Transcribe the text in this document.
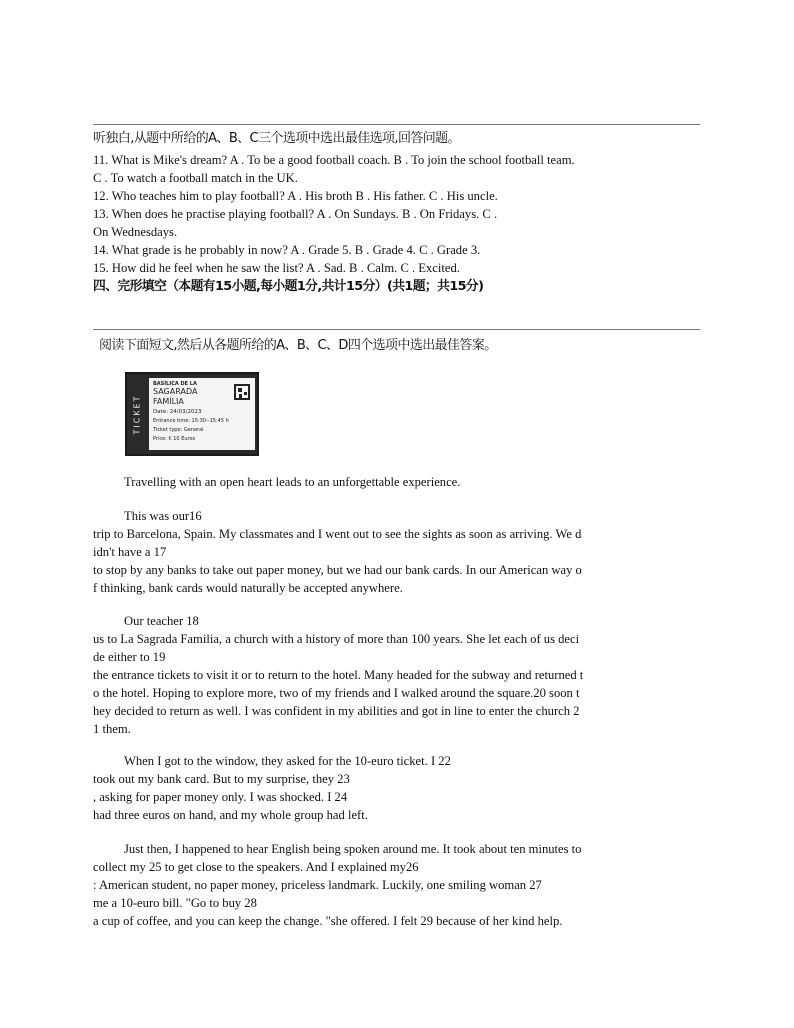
听独白,从题中所给的A、B、C三个选项中选出最佳选项,回答问题。
11. What is Mike's dream? A . To be a good football coach. B . To join the school football team.
C . To watch a football match in the UK.
12. Who teaches him to play football? A . His broth B . His father. C . His uncle.
13. When does he practise playing football? A . On Sundays. B . On Fridays. C .
On Wednesdays.
14. What grade is he probably in now? A . Grade 5. B . Grade 4. C . Grade 3.
15. How did he feel when he saw the list? A . Sad. B . Calm. C . Excited.
四、完形填空（本题有15小题,每小题1分,共计15分）(共1题；共15分)
阅读下面短文,然后从各题所给的A、B、C、D四个选项中选出最佳答案。
TICKET
BASÍLICA DE LA
SAGARADA
FAMÍLIA
Date: 24/03/2023
Entrance time: 15:30--15:45 h
Ticket type: General
Price: € 10 Euros
Travelling with an open heart leads to an unforgettable experience.
This was our16
trip to Barcelona, Spain. My classmates and I went out to see the sights as soon as arriving. We d
idn't have a 17
to stop by any banks to take out paper money, but we had our bank cards. In our American way o
f thinking, bank cards would naturally be accepted anywhere.
Our teacher 18
us to La Sagrada Familia, a church with a history of more than 100 years. She let each of us deci
de either to 19
the entrance tickets to visit it or to return to the hotel. Many headed for the subway and returned t
o the hotel. Hoping to explore more, two of my friends and I walked around the square.20 soon t
hey decided to return as well. I was confident in my abilities and got in line to enter the church 2
1 them.
When I got to the window, they asked for the 10-euro ticket. I 22
took out my bank card. But to my surprise, they 23
, asking for paper money only. I was shocked. I 24
had three euros on hand, and my whole group had left.
Just then, I happened to hear English being spoken around me. It took about ten minutes to
collect my 25 to get close to the speakers. And I explained my26
: American student, no paper money, priceless landmark. Luckily, one smiling woman 27
me a 10-euro bill. "Go to buy 28
a cup of coffee, and you can keep the change. "she offered. I felt 29 because of her kind help.
